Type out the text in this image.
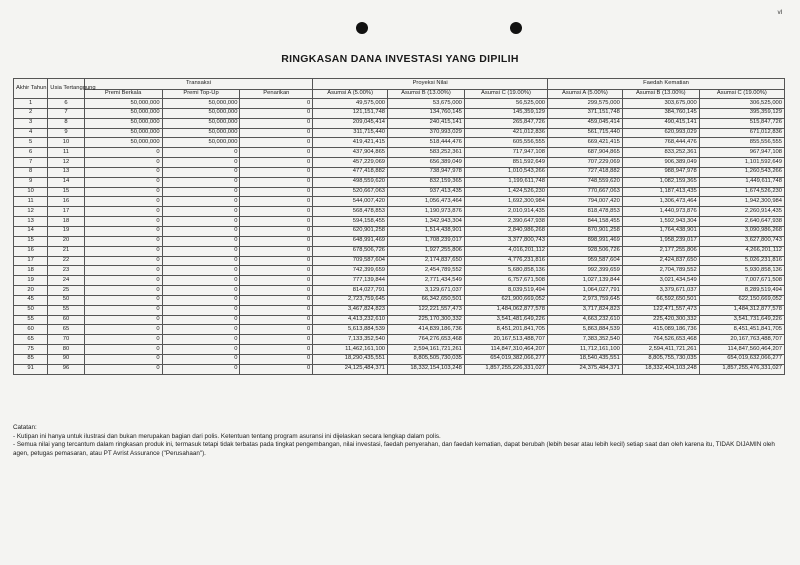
ᵛᴵ
RINGKASAN DANA INVESTASI YANG DIPILIH
Akhir Tahun	Usia Tertanggung	Transaksi			Proyeksi Nilai			Faedah Kematian		
		Premi Berkala	Premi Top-Up	Penarikan	Asumsi A (5.00%)	Asumsi B (13.00%)	Asumsi C (19.00%)	Asumsi A (5.00%)	Asumsi B (13.00%)	Asumsi C (19.00%)
1	6	50,000,000	50,000,000	0	49,575,000	53,675,000	56,525,000	299,575,000	303,675,000	306,525,000
2	7	50,000,000	50,000,000	0	121,151,748	134,760,145	145,359,129	371,151,748	384,760,145	395,359,129
3	8	50,000,000	50,000,000	0	209,045,414	240,415,141	265,847,726	459,045,414	490,415,141	515,847,726
4	9	50,000,000	50,000,000	0	311,715,440	370,993,029	421,012,836	561,715,440	620,993,029	671,012,836
5	10	50,000,000	50,000,000	0	419,421,415	518,444,476	605,556,555	669,421,415	768,444,476	855,556,555
6	11	0	0	0	437,904,865	583,252,361	717,947,108	687,904,865	833,252,361	967,947,108
7	12	0	0	0	457,229,069	656,389,049	851,592,649	707,229,069	906,389,049	1,101,592,649
8	13	0	0	0	477,418,882	738,947,978	1,010,543,266	727,418,882	988,947,978	1,260,543,266
9	14	0	0	0	498,559,620	832,159,365	1,199,611,748	748,559,620	1,082,159,365	1,449,611,748
10	15	0	0	0	520,667,063	937,413,435	1,424,526,230	770,667,063	1,187,413,435	1,674,526,230
11	16	0	0	0	544,007,420	1,056,473,464	1,692,300,984	794,007,420	1,306,473,464	1,942,300,984
12	17	0	0	0	568,478,853	1,190,973,876	2,010,914,435	818,478,853	1,440,973,876	2,260,914,435
13	18	0	0	0	594,158,455	1,342,943,304	2,390,647,938	844,158,455	1,592,943,304	2,640,647,938
14	19	0	0	0	620,901,258	1,514,438,901	2,840,986,268	870,901,258	1,764,438,901	3,090,986,268
15	20	0	0	0	648,991,469	1,708,239,017	3,377,800,743	898,991,469	1,958,239,017	3,627,800,743
16	21	0	0	0	678,506,726	1,927,255,806	4,016,201,112	928,506,726	2,177,255,806	4,266,201,112
17	22	0	0	0	709,587,604	2,174,837,650	4,776,231,816	959,587,604	2,424,837,650	5,026,231,816
18	23	0	0	0	742,399,659	2,454,789,552	5,680,858,136	992,399,659	2,704,789,552	5,930,858,136
19	24	0	0	0	777,139,844	2,771,434,549	6,757,671,508	1,027,139,844	3,021,434,549	7,007,671,508
20	25	0	0	0	814,027,791	3,129,671,037	8,039,519,494	1,064,027,791	3,379,671,037	8,289,519,494
45	50	0	0	0	2,723,759,645	66,342,650,501	621,900,669,052	2,973,759,645	66,592,650,501	622,150,669,052
50	55	0	0	0	3,467,824,823	122,221,557,473	1,484,062,877,578	3,717,824,823	122,471,557,473	1,484,312,877,578
55	60	0	0	0	4,413,232,610	225,170,300,332	3,541,481,649,226	4,663,232,610	225,420,300,332	3,541,731,649,226
60	65	0	0	0	5,613,884,539	414,839,186,736	8,451,201,841,705	5,863,884,539	415,089,186,736	8,451,451,841,705
65	70	0	0	0	7,133,352,540	764,276,653,468	20,167,513,488,707	7,383,352,540	764,526,653,468	20,167,763,488,707
75	80	0	0	0	11,462,161,100	2,594,161,721,261	114,847,310,464,207	11,712,161,100	2,594,411,721,261	114,847,560,464,207
85	90	0	0	0	18,290,435,551	8,805,505,730,035	654,019,382,066,277	18,540,435,551	8,805,755,730,035	654,019,632,066,277
91	96	0	0	0	24,125,484,371	18,332,154,103,248	1,857,255,226,331,027	24,375,484,371	18,332,404,103,248	1,857,255,476,331,027

Catatan:

- Kutipan ini hanya untuk ilustrasi dan bukan merupakan bagian dari polis. Ketentuan tentang program asuransi ini dijelaskan secara lengkap dalam polis.

- Semua nilai yang tercantum dalam ringkasan produk ini, termasuk tetapi tidak terbatas pada tingkat pengembangan, nilai investasi, faedah penyerahan, dan faedah kematian, dapat berubah (lebih besar atau lebih kecil) setiap saat dan oleh karena itu, TIDAK DIJAMIN oleh agen, petugas pemasaran, atau PT Avrist Assurance ("Perusahaan").
